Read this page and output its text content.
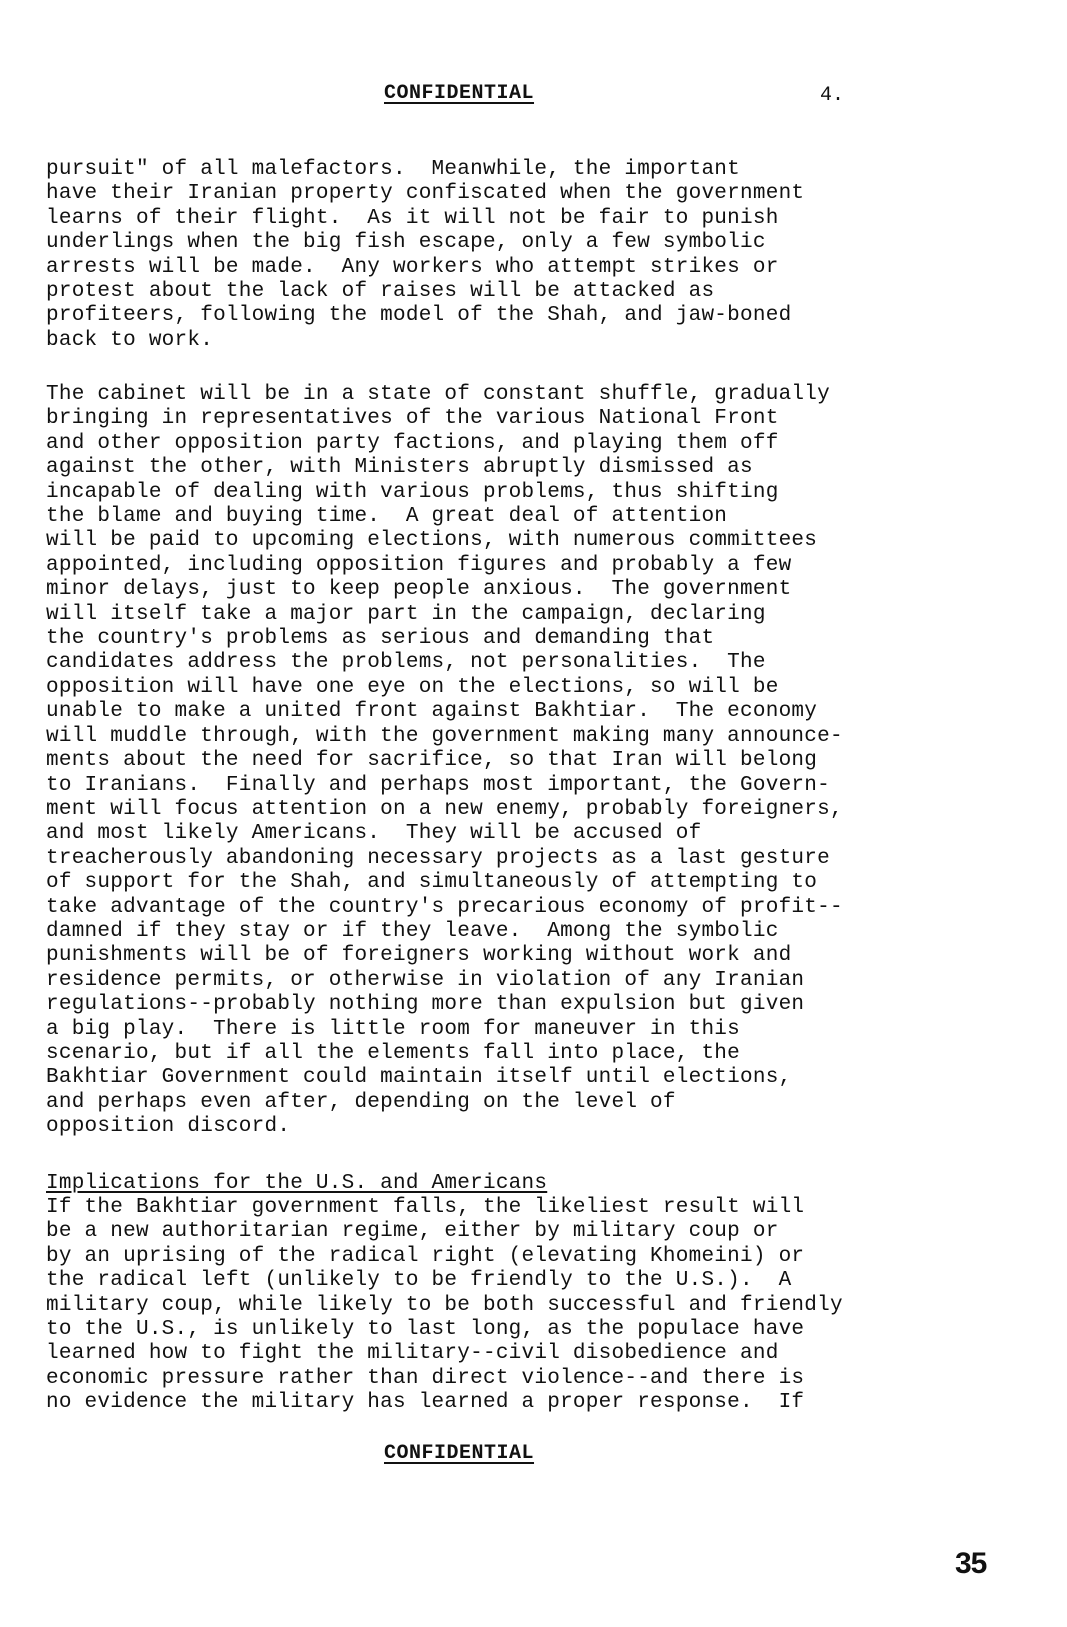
CONFIDENTIAL	4.

pursuit" of all malefactors.  Meanwhile, the important
have their Iranian property confiscated when the government
learns of their flight.  As it will not be fair to punish
underlings when the big fish escape, only a few symbolic
arrests will be made.  Any workers who attempt strikes or
protest about the lack of raises will be attacked as
profiteers, following the model of the Shah, and jaw-boned
back to work.

The cabinet will be in a state of constant shuffle, gradually
bringing in representatives of the various National Front
and other opposition party factions, and playing them off
against the other, with Ministers abruptly dismissed as
incapable of dealing with various problems, thus shifting
the blame and buying time.  A great deal of attention
will be paid to upcoming elections, with numerous committees
appointed, including opposition figures and probably a few
minor delays, just to keep people anxious.  The government
will itself take a major part in the campaign, declaring
the country's problems as serious and demanding that
candidates address the problems, not personalities.  The
opposition will have one eye on the elections, so will be
unable to make a united front against Bakhtiar.  The economy
will muddle through, with the government making many announce-
ments about the need for sacrifice, so that Iran will belong
to Iranians.  Finally and perhaps most important, the Govern-
ment will focus attention on a new enemy, probably foreigners,
and most likely Americans.  They will be accused of
treacherously abandoning necessary projects as a last gesture
of support for the Shah, and simultaneously of attempting to
take advantage of the country's precarious economy of profit--
damned if they stay or if they leave.  Among the symbolic
punishments will be of foreigners working without work and
residence permits, or otherwise in violation of any Iranian
regulations--probably nothing more than expulsion but given
a big play.  There is little room for maneuver in this
scenario, but if all the elements fall into place, the
Bakhtiar Government could maintain itself until elections,
and perhaps even after, depending on the level of
opposition discord.

Implications for the U.S. and Americans

If the Bakhtiar government falls, the likeliest result will
be a new authoritarian regime, either by military coup or
by an uprising of the radical right (elevating Khomeini) or
the radical left (unlikely to be friendly to the U.S.).  A
military coup, while likely to be both successful and friendly
to the U.S., is unlikely to last long, as the populace have
learned how to fight the military--civil disobedience and
economic pressure rather than direct violence--and there is
no evidence the military has learned a proper response.  If

CONFIDENTIAL
35
